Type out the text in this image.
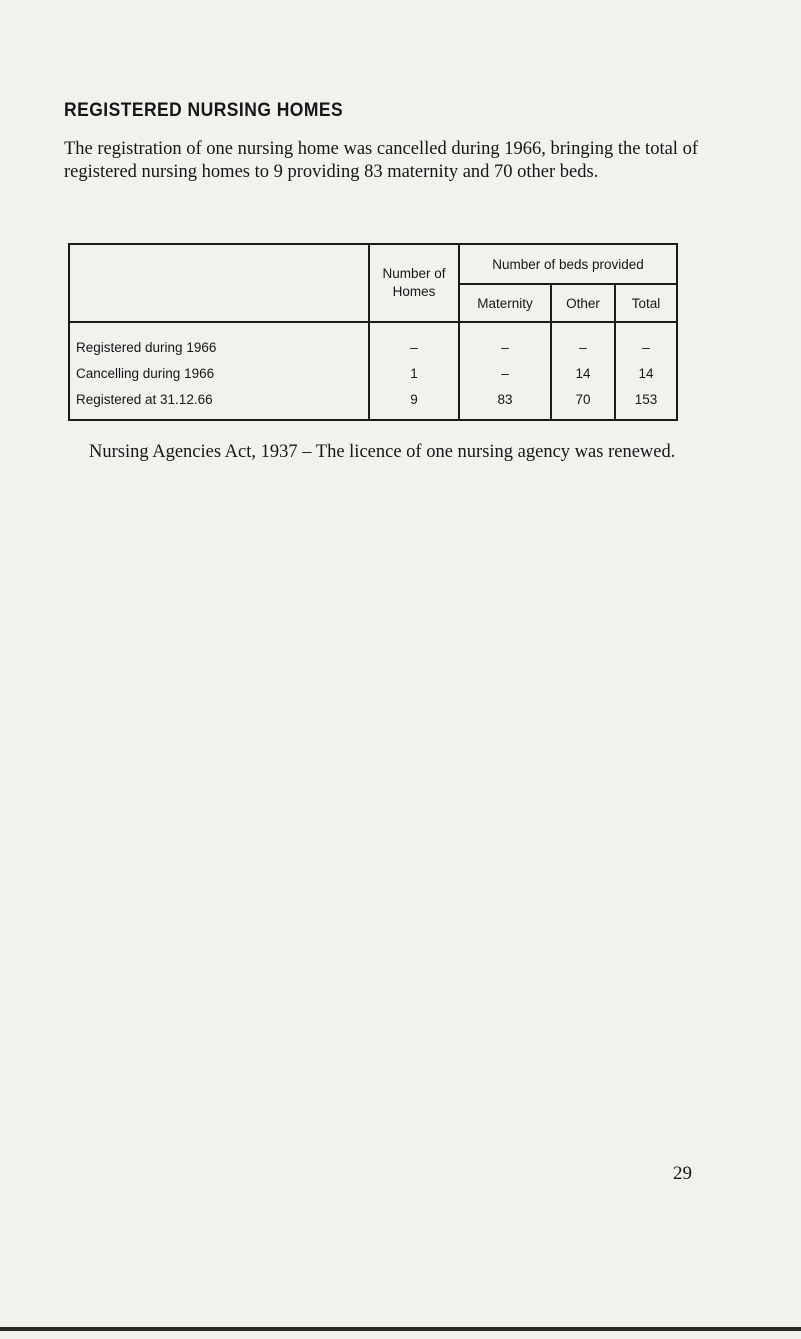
REGISTERED NURSING HOMES

The registration of one nursing home was cancelled during 1966, bringing the total of registered nursing homes to 9 providing 83 maternity and 70 other beds.

	Number of Homes	Number of beds provided		
		Maternity	Other	Total
Registered during 1966	–	–	–	–
Cancelling during 1966	1	–	14	14
Registered at 31.12.66	9	83	70	153

Nursing Agencies Act, 1937 – The licence of one nursing agency was renewed.

29
